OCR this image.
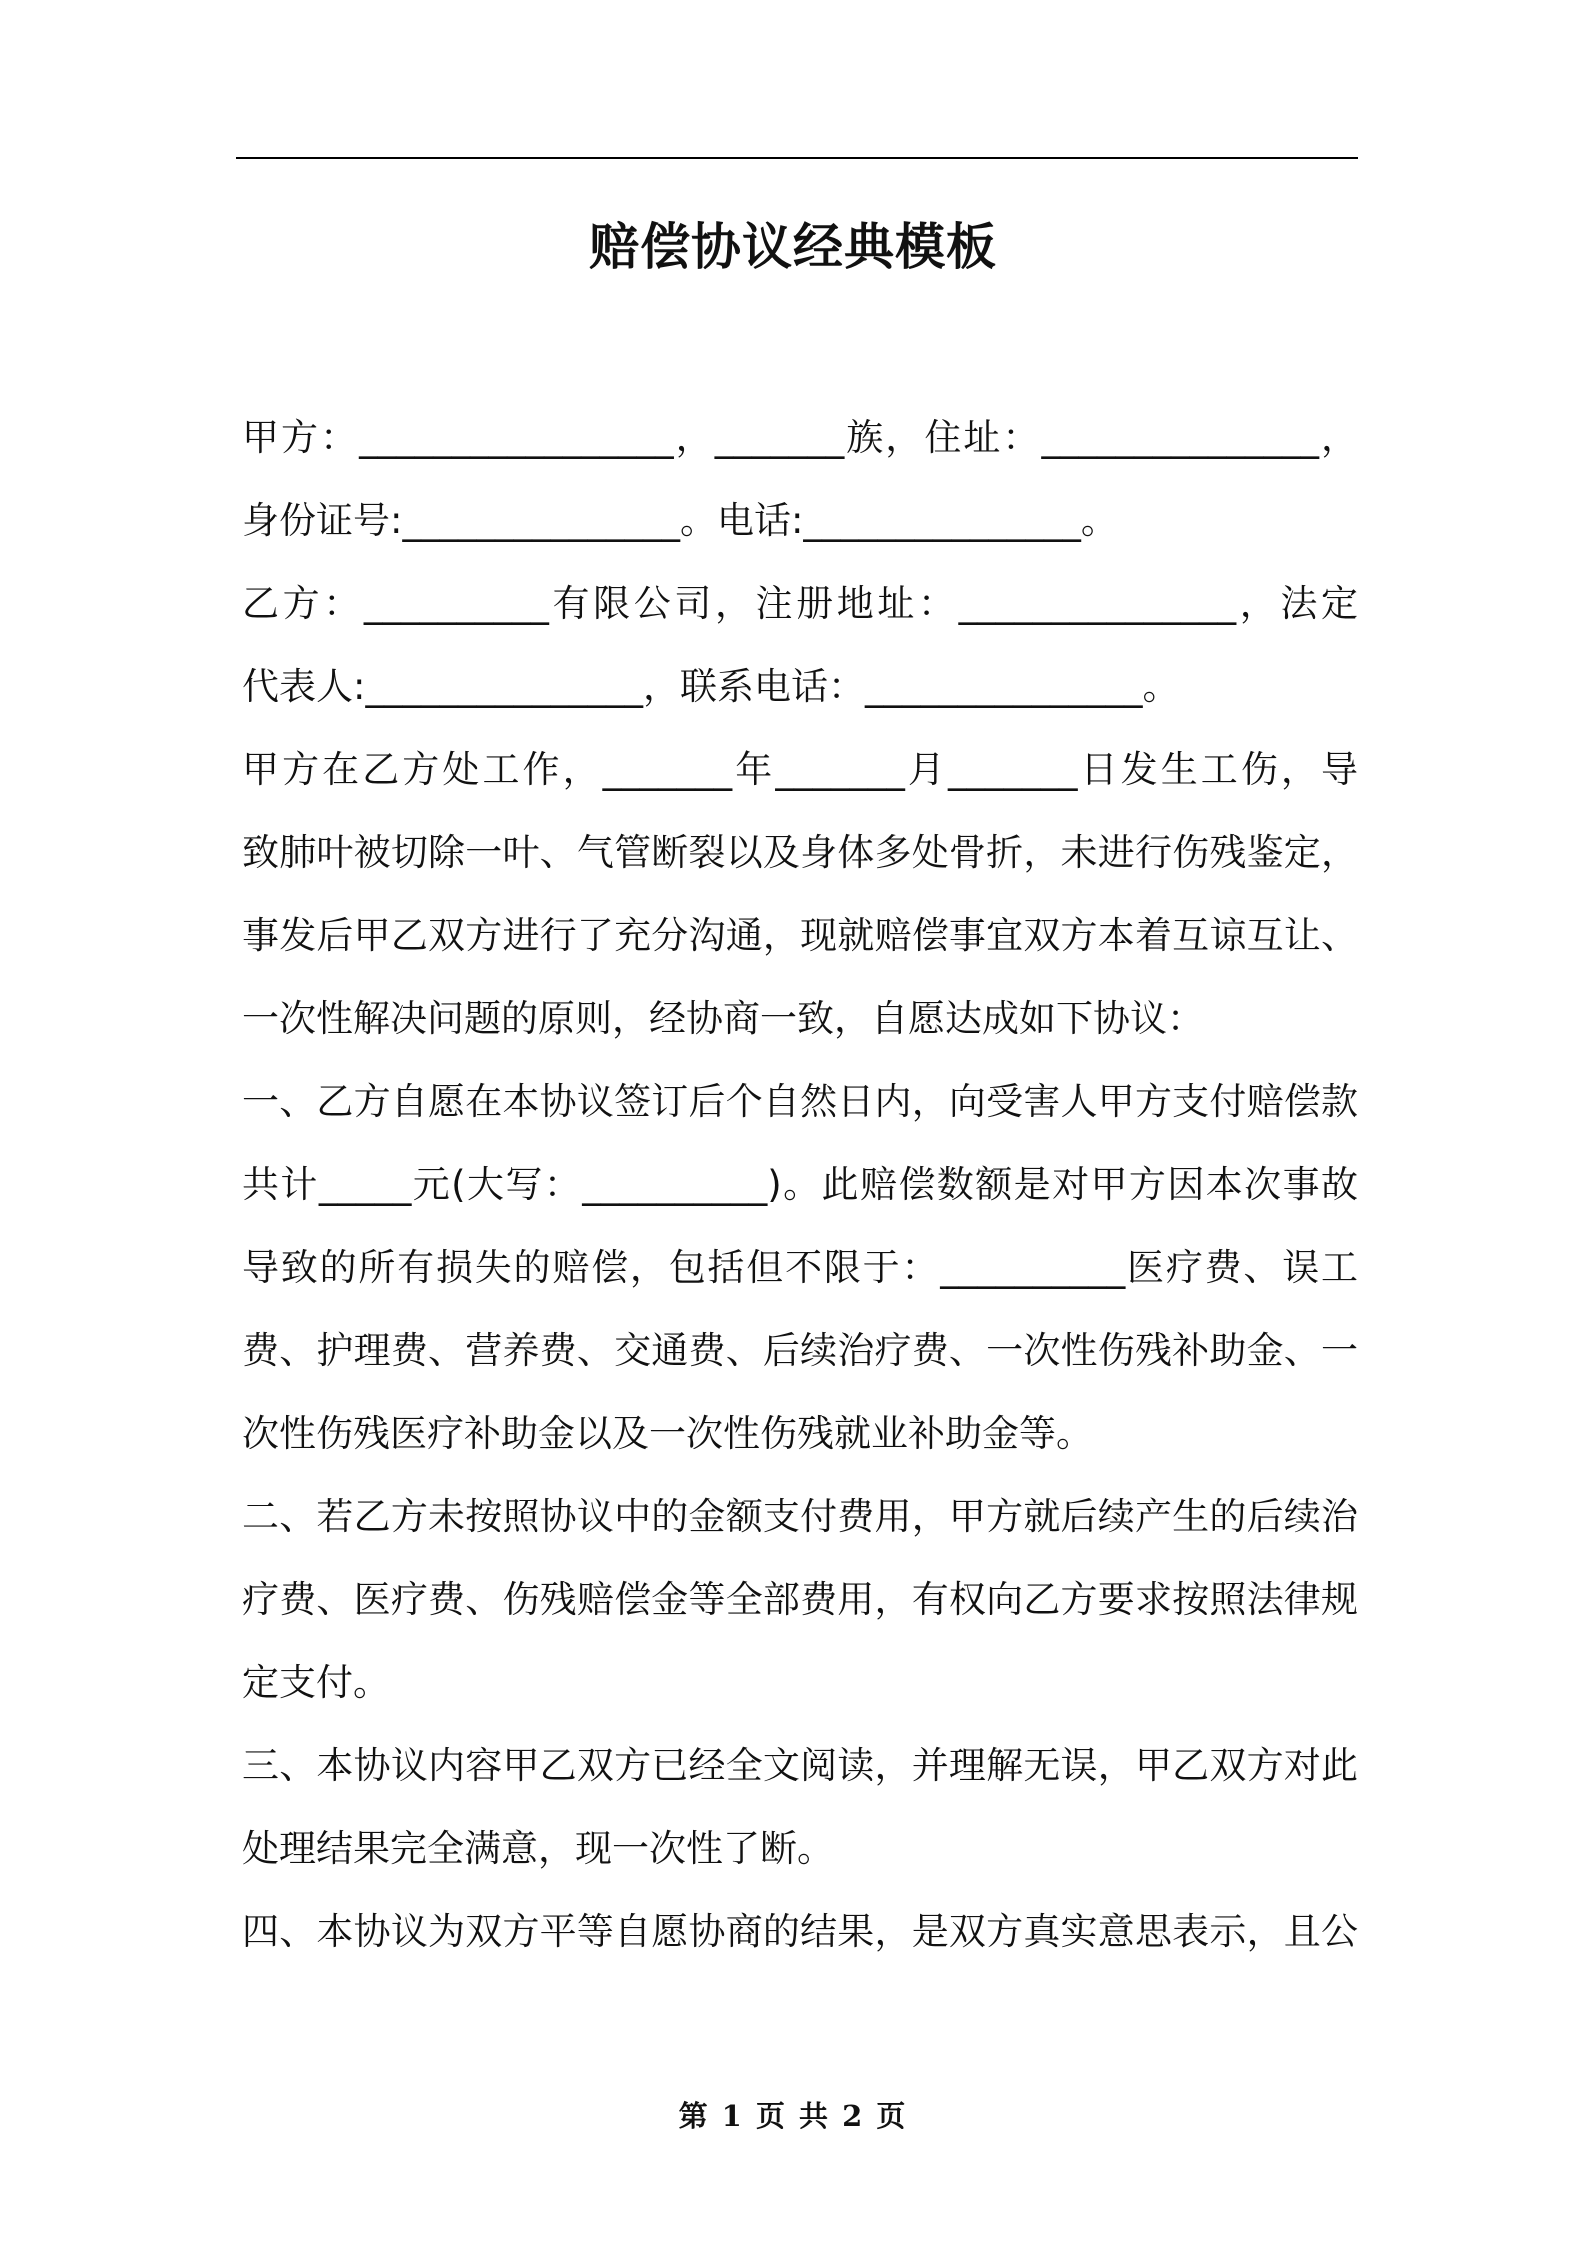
赔偿协议经典模板
甲方：_________________，_______族，住址：_______________，
身份证号:_______________。电话:_______________。
乙方：__________有限公司，注册地址：_______________，法定
代表人:_______________，联系电话：_______________。
甲方在乙方处工作，_______年_______月_______日发生工伤，导
致肺叶被切除一叶、气管断裂以及身体多处骨折，未进行伤残鉴定，
事发后甲乙双方进行了充分沟通，现就赔偿事宜双方本着互谅互让、
一次性解决问题的原则，经协商一致，自愿达成如下协议：
一、乙方自愿在本协议签订后个自然日内，向受害人甲方支付赔偿款
共计_____元(大写：__________)。此赔偿数额是对甲方因本次事故
导致的所有损失的赔偿，包括但不限于：__________医疗费、误工
费、护理费、营养费、交通费、后续治疗费、一次性伤残补助金、一
次性伤残医疗补助金以及一次性伤残就业补助金等。
二、若乙方未按照协议中的金额支付费用，甲方就后续产生的后续治
疗费、医疗费、伤残赔偿金等全部费用，有权向乙方要求按照法律规
定支付。
三、本协议内容甲乙双方已经全文阅读，并理解无误，甲乙双方对此
处理结果完全满意，现一次性了断。
四、本协议为双方平等自愿协商的结果，是双方真实意思表示，且公
第 1 页 共 2 页
